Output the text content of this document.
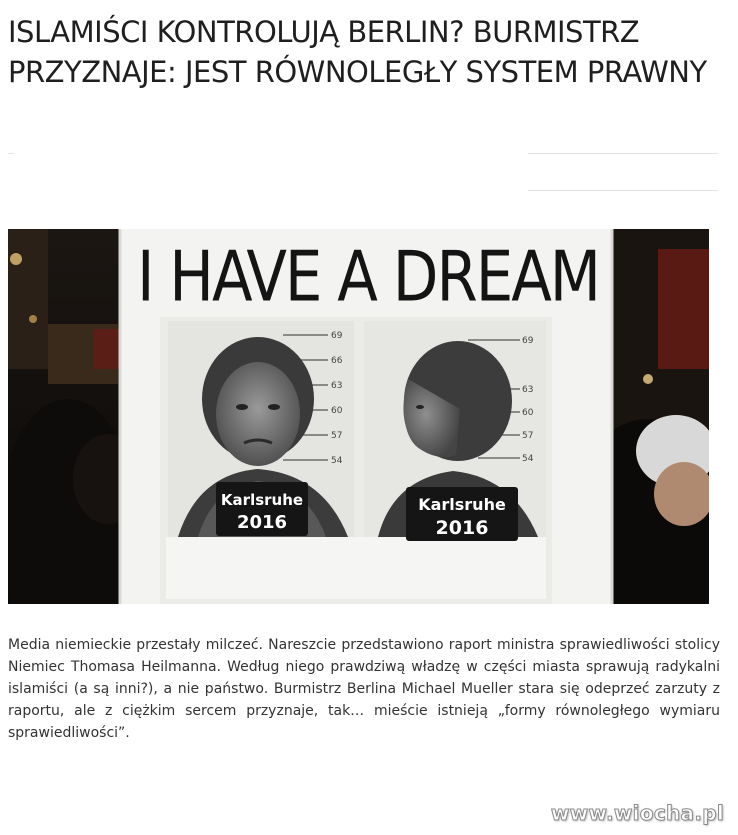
ISLAMIŚCI KONTROLUJĄ BERLIN? BURMISTRZ PRZYZNAJE: JEST RÓWNOLEGŁY SYSTEM PRAWNY
I HAVE A DREAM
69
66
63
60
57
54
Karlsruhe
2016
69
63
60
57
54
Karlsruhe
2016

Media niemieckie przestały milczeć. Nareszcie przedstawiono raport ministra sprawiedliwości stolicy Niemiec Thomasa Heilmanna. Według niego prawdziwą władzę w części miasta sprawują radykalni islamiści (a są inni?), a nie państwo. Burmistrz Berlina Michael Mueller stara się odeprzeć zarzuty z raportu, ale z ciężkim sercem przyznaje, tak… mieście istnieją „formy równoległego wymiaru sprawiedliwości”.

www.wiocha.pl
